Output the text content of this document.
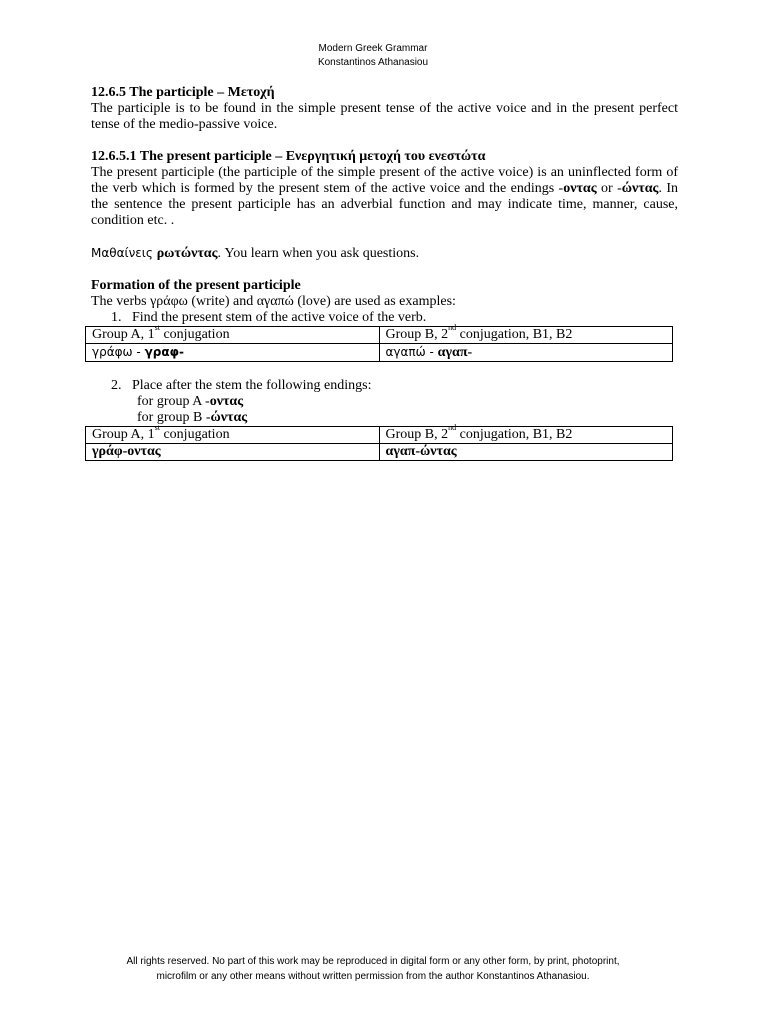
Modern Greek Grammar
Konstantinos Athanasiou
12.6.5 The participle – Μετοχή

The participle is to be found in the simple present tense of the active voice and in the present perfect tense of the medio-passive voice.

12.6.5.1 The present participle – Ενεργητική μετοχή του ενεστώτα

The present participle (the participle of the simple present of the active voice) is an uninflected form of the verb which is formed by the present stem of the active voice and the endings -οντας or -ώντας. In the sentence the present participle has an adverbial function and may indicate time, manner, cause, condition etc. .

Μαθαίνεις ρωτώντας. You learn when you ask questions.
Formation of the present participle
The verbs γράφω (write) and αγαπώ (love) are used as examples:
1. Find the present stem of the active voice of the verb.
Group A, 1st conjugation	Group B, 2nd conjugation, B1, B2
γράφω - γραφ-	αγαπώ - αγαπ-
2. Place after the stem the following endings:
for group A -οντας
for group B -ώντας
Group A, 1st conjugation	Group B, 2nd conjugation, B1, B2
γράφ-οντας	αγαπ-ώντας
All rights reserved. No part of this work may be reproduced in digital form or any other form, by print, photoprint,
microfilm or any other means without written permission from the author Konstantinos Athanasiou.
